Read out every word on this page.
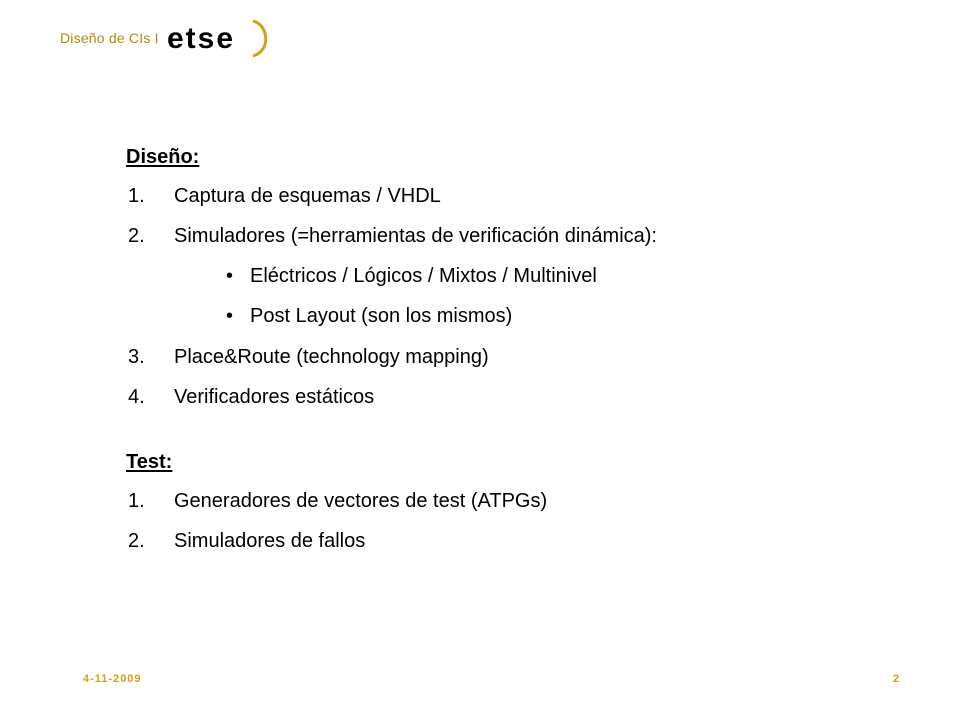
Diseño de CIs I etse
Diseño:
1. Captura de esquemas / VHDL
2. Simuladores (=herramientas de verificación dinámica):
• Eléctricos / Lógicos / Mixtos / Multinivel
• Post Layout (son los mismos)
3. Place&Route (technology mapping)
4. Verificadores estáticos
Test:
1. Generadores de vectores de test (ATPGs)
2. Simuladores de fallos
4-11-2009	2
